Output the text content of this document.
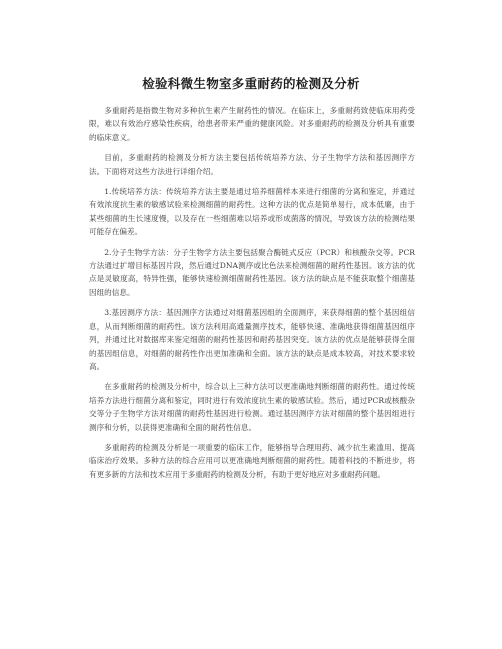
检验科微生物室多重耐药的检测及分析

多重耐药是指微生物对多种抗生素产生耐药性的情况。在临床上，多重耐药致使临床用药受限，难以有效治疗感染性疾病，给患者带来严重的健康风险。对多重耐药的检测及分析具有重要的临床意义。

目前，多重耐药的检测及分析方法主要包括传统培养方法、分子生物学方法和基因测序方法。下面将对这些方法进行详细介绍。

1.传统培养方法：传统培养方法主要是通过培养细菌样本来进行细菌的分离和鉴定，并通过有效浓度抗生素的敏感试验来检测细菌的耐药性。这种方法的优点是简单易行，成本低廉，由于某些细菌的生长速度慢，以及存在一些细菌难以培养或形成菌落的情况，导致该方法的检测结果可能存在偏差。

2.分子生物学方法：分子生物学方法主要包括聚合酶链式反应（PCR）和核酸杂交等。PCR方法通过扩增目标基因片段，然后通过DNA测序或比色法来检测细菌的耐药性基因。该方法的优点是灵敏度高，特异性强，能够快速检测细菌耐药性基因。该方法的缺点是不能获取整个细菌基因组的信息。

3.基因测序方法：基因测序方法通过对细菌基因组的全面测序，来获得细菌的整个基因组信息，从而判断细菌的耐药性。该方法利用高通量测序技术，能够快速、准确地获得细菌基因组序列，并通过比对数据库来鉴定细菌的耐药性基因和耐药基因突变。该方法的优点是能够获得全面的基因组信息，对细菌的耐药性作出更加准确和全面。该方法的缺点是成本较高，对技术要求较高。

在多重耐药的检测及分析中，综合以上三种方法可以更准确地判断细菌的耐药性。通过传统培养方法进行细菌分离和鉴定，同时进行有效浓度抗生素的敏感试验。然后，通过PCR或核酸杂交等分子生物学方法对细菌的耐药性基因进行检测。通过基因测序方法对细菌的整个基因组进行测序和分析，以获得更准确和全面的耐药性信息。

多重耐药的检测及分析是一项重要的临床工作，能够指导合理用药、减少抗生素滥用、提高临床治疗效果。多种方法的综合应用可以更准确地判断细菌的耐药性。随着科技的不断进步，将有更多新的方法和技术应用于多重耐药的检测及分析，有助于更好地应对多重耐药问题。
